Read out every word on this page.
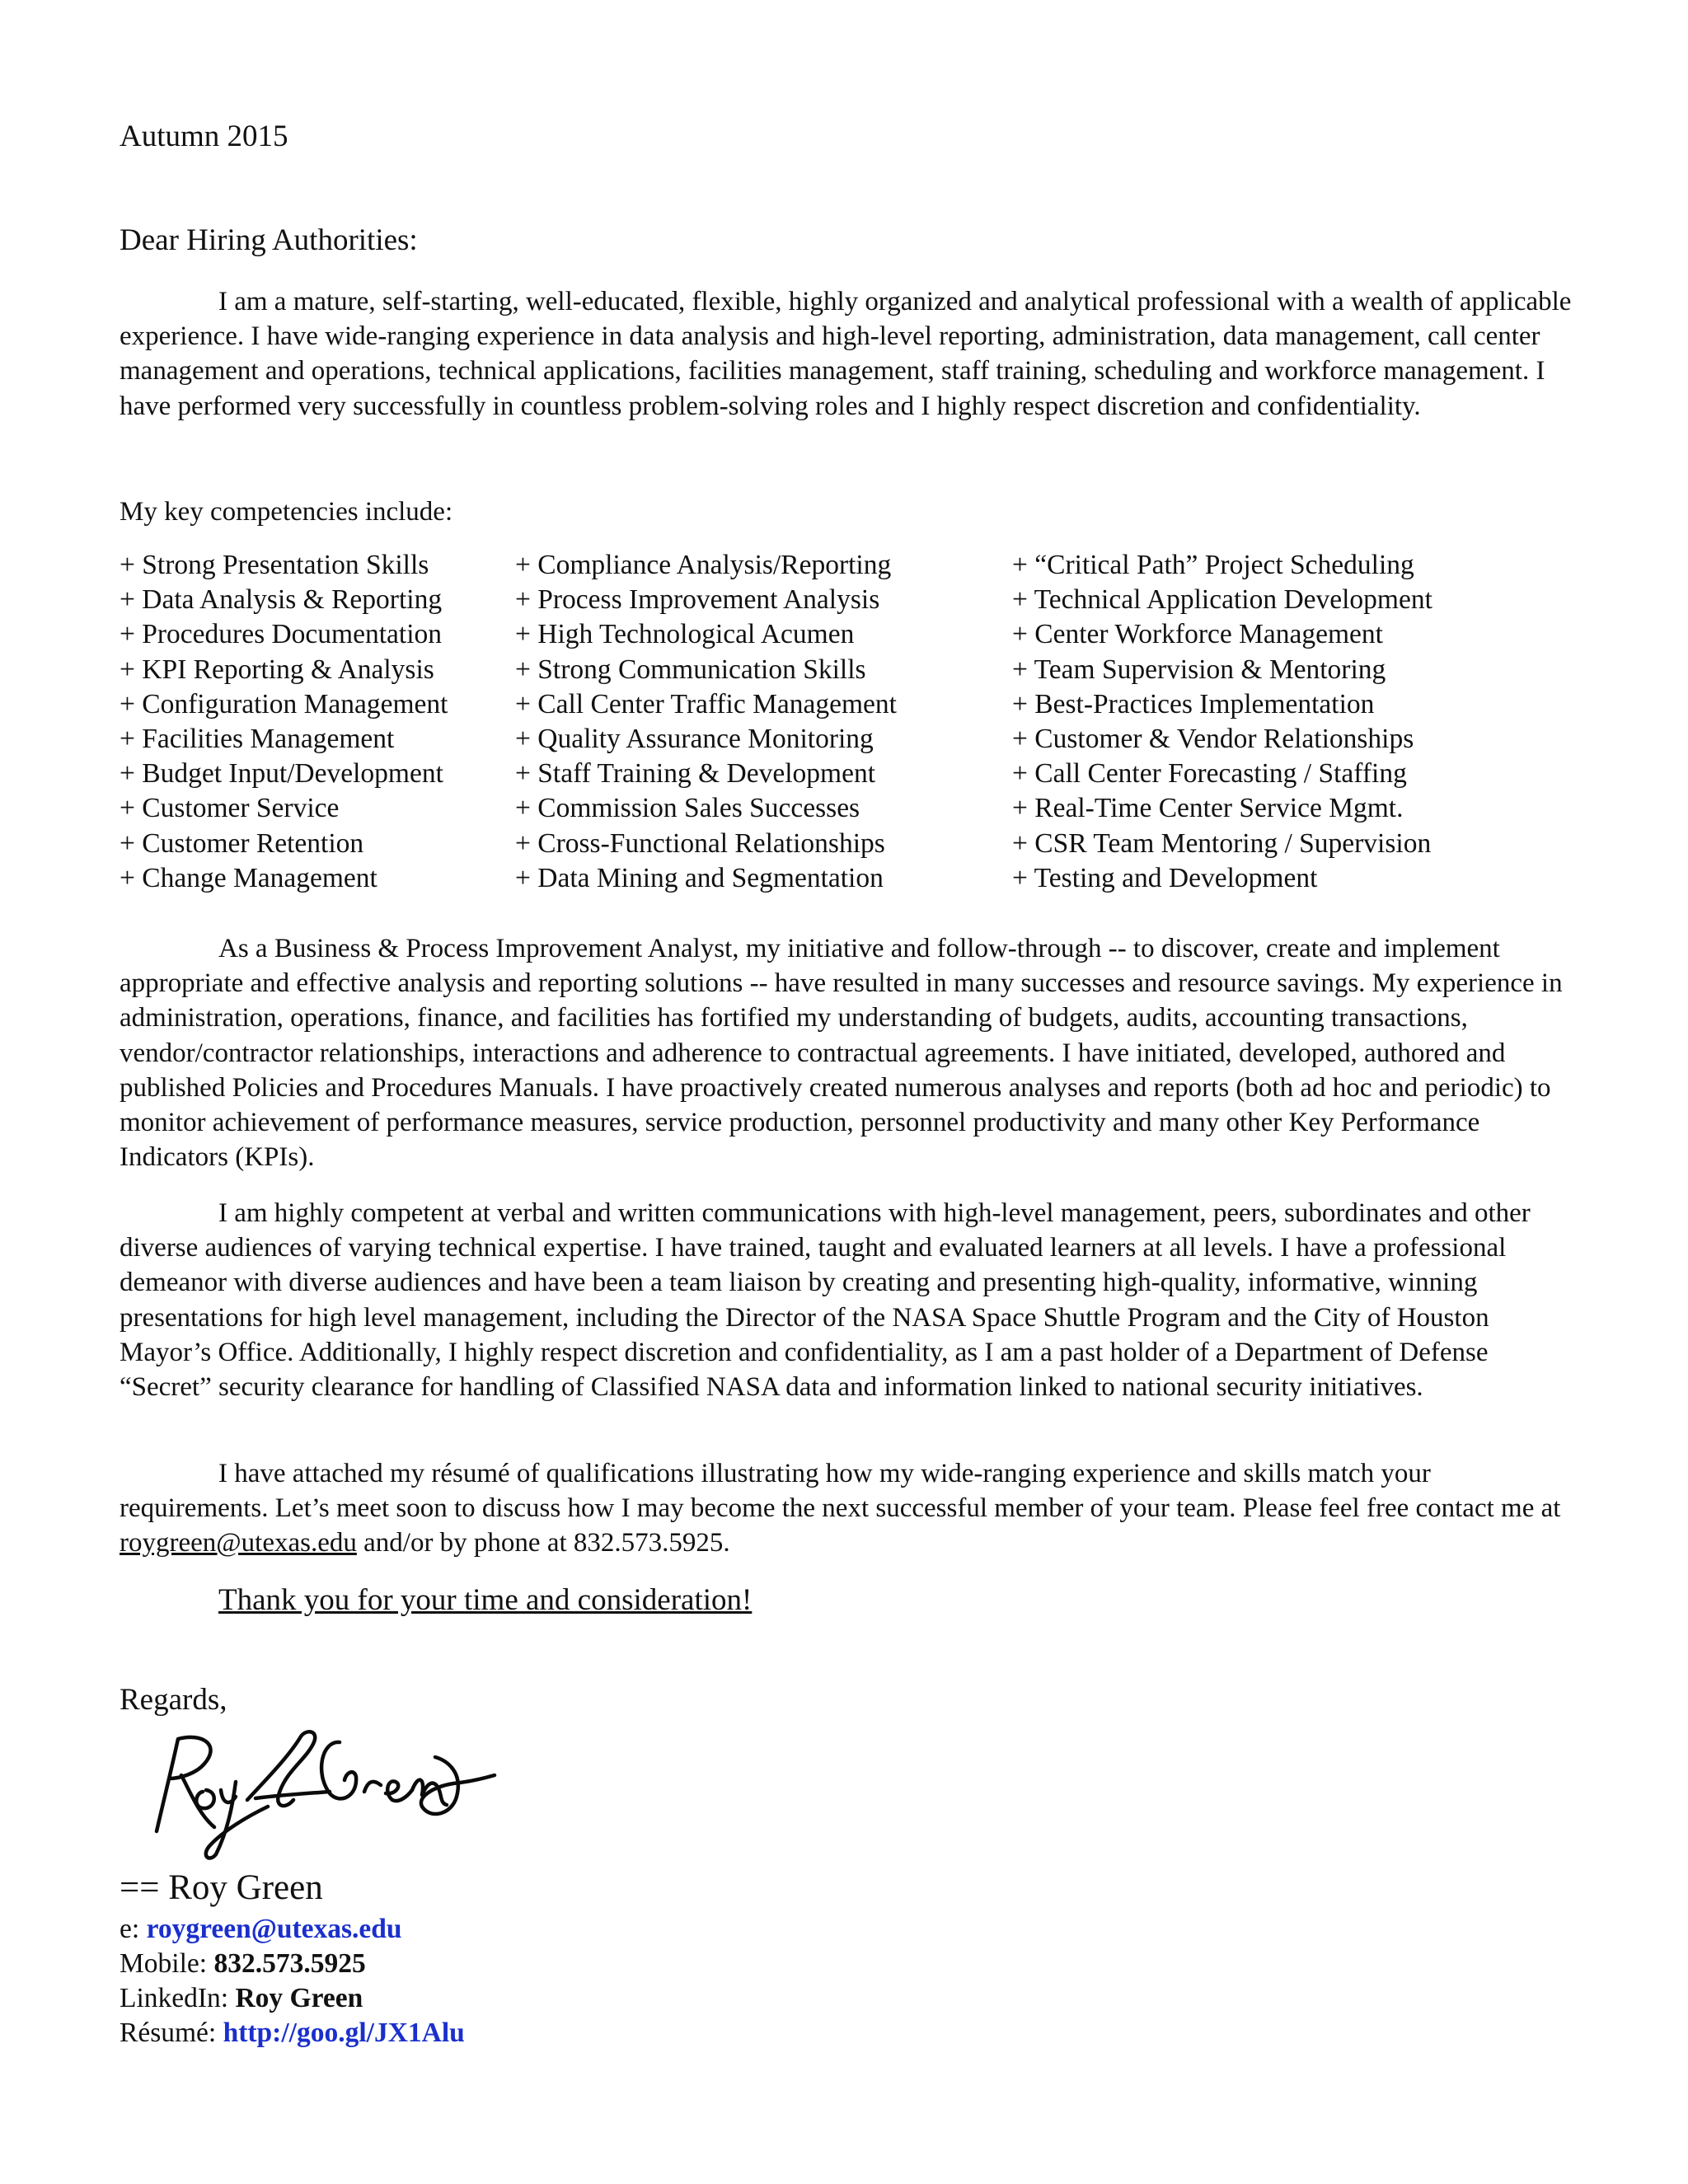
Autumn 2015
Dear Hiring Authorities:

I am a mature, self-starting, well-educated, flexible, highly organized and analytical professional with a wealth of applicable experience. I have wide-ranging experience in data analysis and high-level reporting, administration, data management, call center management and operations, technical applications, facilities management, staff training, scheduling and workforce management. I have performed very successfully in countless problem-solving roles and I highly respect discretion and confidentiality.

My key competencies include:

+ Strong Presentation Skills
+ Data Analysis & Reporting
+ Procedures Documentation
+ KPI Reporting & Analysis
+ Configuration Management
+ Facilities Management
+ Budget Input/Development
+ Customer Service
+ Customer Retention
+ Change Management
+ Compliance Analysis/Reporting
+ Process Improvement Analysis
+ High Technological Acumen
+ Strong Communication Skills
+ Call Center Traffic Management
+ Quality Assurance Monitoring
+ Staff Training & Development
+ Commission Sales Successes
+ Cross-Functional Relationships
+ Data Mining and Segmentation
+ “Critical Path” Project Scheduling
+ Technical Application Development
+ Center Workforce Management
+ Team Supervision & Mentoring
+ Best-Practices Implementation
+ Customer & Vendor Relationships
+ Call Center Forecasting / Staffing
+ Real-Time Center Service Mgmt.
+ CSR Team Mentoring / Supervision
+ Testing and Development

As a Business & Process Improvement Analyst, my initiative and follow-through -- to discover, create and implement appropriate and effective analysis and reporting solutions -- have resulted in many successes and resource savings. My experience in administration, operations, finance, and facilities has fortified my understanding of budgets, audits, accounting transactions, vendor/contractor relationships, interactions and adherence to contractual agreements. I have initiated, developed, authored and published Policies and Procedures Manuals. I have proactively created numerous analyses and reports (both ad hoc and periodic) to monitor achievement of performance measures, service production, personnel productivity and many other Key Performance Indicators (KPIs).

I am highly competent at verbal and written communications with high-level management, peers, subordinates and other diverse audiences of varying technical expertise. I have trained, taught and evaluated learners at all levels. I have a professional demeanor with diverse audiences and have been a team liaison by creating and presenting high-quality, informative, winning presentations for high level management, including the Director of the NASA Space Shuttle Program and the City of Houston Mayor’s Office. Additionally, I highly respect discretion and confidentiality, as I am a past holder of a Department of Defense “Secret” security clearance for handling of Classified NASA data and information linked to national security initiatives.

I have attached my résumé of qualifications illustrating how my wide-ranging experience and skills match your requirements. Let’s meet soon to discuss how I may become the next successful member of your team. Please feel free contact me at roygreen@utexas.edu and/or by phone at 832.573.5925.

Thank you for your time and consideration!
Regards,
== Roy Green
e: roygreen@utexas.edu
Mobile: 832.573.5925
LinkedIn: Roy Green
Résumé: http://goo.gl/JX1Alu
